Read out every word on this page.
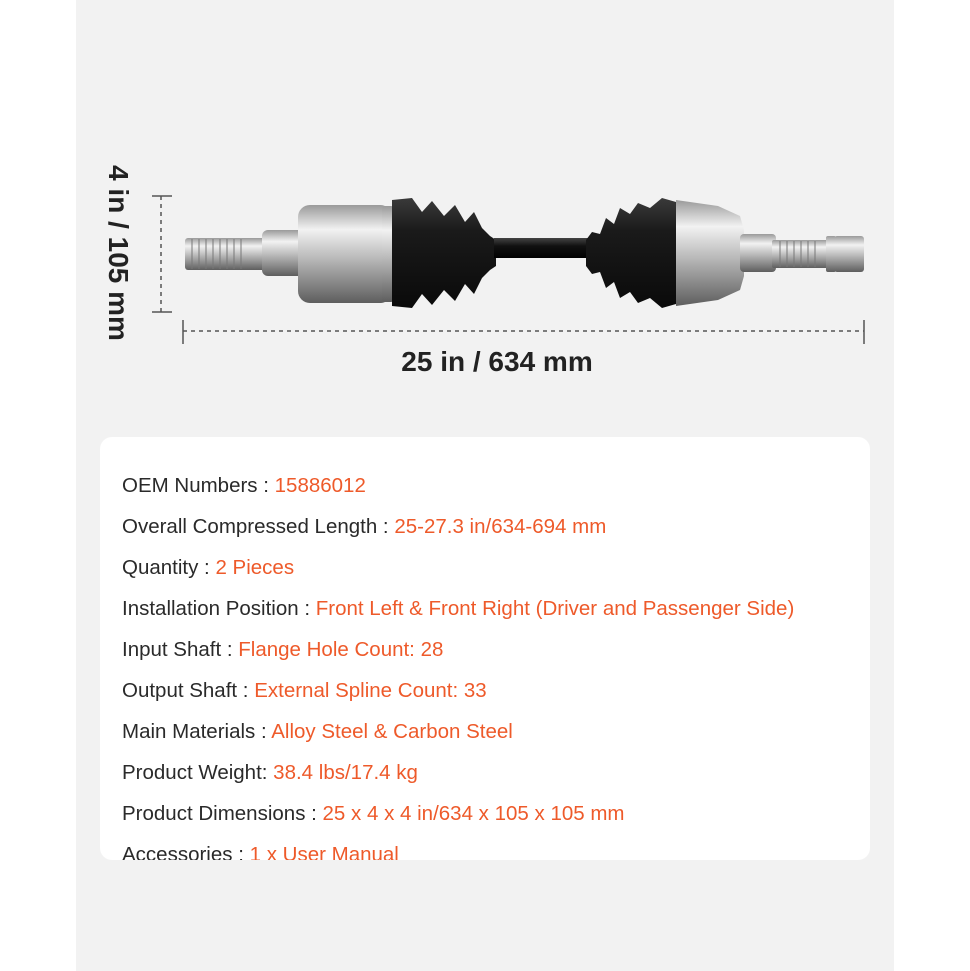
4 in / 105 mm
25 in / 634 mm
OEM Numbers : 15886012
Overall Compressed Length : 25-27.3 in/634-694 mm
Quantity : 2 Pieces
Installation Position : Front Left & Front Right (Driver and Passenger Side)
Input Shaft : Flange Hole Count: 28
Output Shaft : External Spline Count: 33
Main Materials : Alloy Steel & Carbon Steel
Product Weight: 38.4 lbs/17.4 kg
Product Dimensions : 25 x 4 x 4 in/634 x 105 x 105 mm
Accessories : 1 x User Manual
